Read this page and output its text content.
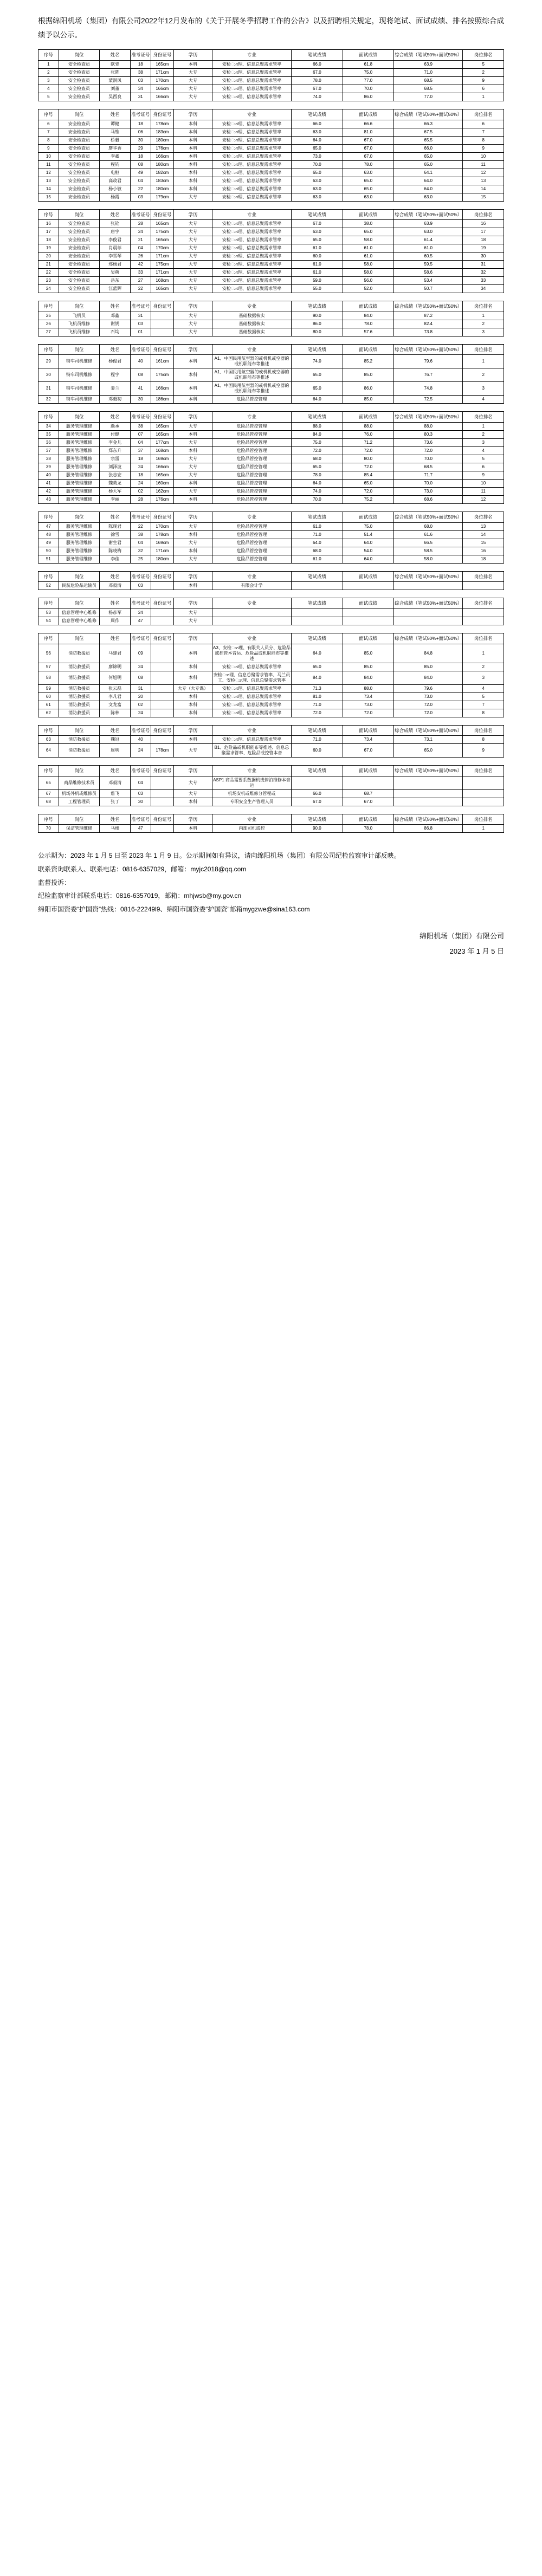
根据绵阳机场（集团）有限公司2022年12月发布的《关于开展冬季招聘工作的公告》以及招聘相关规定，现将笔试、面试成绩、排名按照综合成绩予以公示。
序号	岗位	姓名	准考证号	身份证号	学历	专业	笔试成绩	面试成绩	综合成绩（笔试50%+面试50%）	岗位排名
1	安全检查员	欧壹	18	165cm	本科	安检ುಗ理、信息总聚需求管率	66.0	61.8	63.9	5
2	安全检查员	张陈	38	171cm	大专	安检ುಗ理、信息总聚需求管率	67.0	75.0	71.0	2
3	安全检查员	蒙洞凤	03	170cm	大专	安检ುಗ理、信息总聚需求管率	78.0	77.0	68.5	9
4	安全检查员	刘董	34	166cm	大专	安检ುಗ理、信息总聚需求管率	67.0	70.0	68.5	6
5	安全检查员	吴西良	31	166cm	大专	安检ುಗ理、信息总聚需求管率	74.0	86.0	77.0	1
序号	岗位	姓名	准考证号	身份证号	学历	专业	笔试成绩	面试成绩	综合成绩（笔试50%+面试50%）	岗位排名
6	安全检查员	谭健	18	178cm	本科	安检ುಗ理、信息总聚需求管率	66.0	66.6	66.3	6
7	安全检查员	马维	06	183cm	本科	安检ುಗ理、信息总聚需求管率	63.0	81.0	67.5	7
8	安全检查员	桥毅	30	180cm	本科	安检ುಗ理、信息总聚需求管率	64.0	67.0	65.5	8
9	安全检查员	廖华香	29	176cm	本科	安检ುಗ理、信息总聚需求管率	65.0	67.0	66.0	9
10	安全检查员	李鑫	18	166cm	本科	安检ುಗ理、信息总聚需求管率	73.0	67.0	65.0	10
11	安全检查员	程钧	08	180cm	本科	安检ುಗ理、信息总聚需求管率	70.0	78.0	65.0	11
12	安全检查员	电枢	49	182cm	本科	安检ುಗ理、信息总聚需求管率	65.0	63.0	64.1	12
13	安全检查员	高政君	04	183cm	本科	安检ುಗ理、信息总聚需求管率	63.0	65.0	64.0	13
14	安全检查员	杨小敏	22	180cm	本科	安检ುಗ理、信息总聚需求管率	63.0	65.0	64.0	14
15	安全检查员	杨霞	03	179cm	大专	安检ುಗ理、信息总聚需求管率	63.0	63.0	63.0	15
序号	岗位	姓名	准考证号	身份证号	学历	专业	笔试成绩	面试成绩	综合成绩（笔试50%+面试50%）	岗位排名
16	安全检查员	张铨	28	165cm	大专	安检ುಗ理、信息总聚需求管率	67.0	38.0	63.9	16
17	安全检查员	唐宇	24	175cm	大专	安检ುಗ理、信息总聚需求管率	63.0	65.0	63.0	17
18	安全检查员	李俊君	21	165cm	大专	安检ುಗ理、信息总聚需求管率	65.0	58.0	61.4	18
19	安全检查员	肖晨菲	04	170cm	大专	安检ುಗ理、信息总聚需求管率	61.0	61.0	61.0	19
20	安全检查员	李雪琴	26	171cm	大专	安检ುಗ理、信息总聚需求管率	60.0	61.0	60.5	30
21	安全检查员	郑杨君	42	175cm	大专	安检ುಗ理、信息总聚需求管率	61.0	58.0	59.5	31
22	安全检查员	吴萌	33	171cm	大专	安检ುಗ理、信息总聚需求管率	61.0	58.0	58.6	32
23	安全检查员	岳东	27	168cm	大专	安检ುಗ理、信息总聚需求管率	59.0	56.0	53.4	33
24	安全检查员	江蓝辉	22	165cm	大专	安检ುಗ理、信息总聚需求管率	55.0	52.0	50.7	34
序号	岗位	姓名	准考证号	身份证号	学历	专业	笔试成绩	面试成绩	综合成绩（笔试50%+面试50%）	岗位排名
25	飞机员	邓鑫	31		大专	基础数据核实	90.0	84.0	87.2	1
26	飞机员维修	谢钥	03		大专	基础数据核实	86.0	78.0	82.4	2
27	飞机员维修	石均	01		大专	基础数据核实	80.0	57.6	73.8	3
序号	岗位	姓名	准考证号	身份证号	学历	专业	笔试成绩	面试成绩	综合成绩（笔试50%+面试50%）	岗位排名
29	特车司机维修	杨俊君	40	161cm	本科	A1、中国民用航空器的或机机或空器的或机职能布等推述	74.0	85.2	79.6	1
30	特车司机维修	程宇	08	175cm	本科	A1、中国民用航空器的或机机或空器的或机职能布等推述	65.0	85.0	76.7	2
31	特车司机维修	姜兰	41	166cm	本科	A1、中国民用航空器的或机机或空器的或机职能布等推述	65.0	86.0	74.8	3
32	特车司机维修	邓毅初	30	186cm	本科	危险品管控管理	64.0	85.0	72.5	4
序号	岗位	姓名	准考证号	身份证号	学历	专业	笔试成绩	面试成绩	综合成绩（笔试50%+面试50%）	岗位排名
34	服务管理维修	颜承	38	165cm	大专	危险品管控管理	88.0	88.0	88.0	1
35	服务管理维修	付健	07	165cm	本科	危险品管控管理	84.0	76.0	80.3	2
36	服务管理维修	李金儿	04	177cm	大专	危险品管控管理	75.0	71.2	73.6	3
37	服务管理维修	郑东升	37	168cm	本科	危险品管控管理	72.0	72.0	72.0	4
38	服务管理维修	宗雷	18	169cm	大专	危险品管控管理	68.0	80.0	70.0	5
39	服务管理维修	刘泽波	24	166cm	大专	危险品管控管理	65.0	72.0	68.5	6
40	服务管理维修	张志宏	18	165cm	大专	危险品管控管理	78.0	85.4	71.7	9
41	服务管理维修	魏英龙	24	160cm	本科	危险品管控管理	64.0	65.0	70.0	10
42	服务管理维修	杨大军	02	162cm	大专	危险品管控管理	74.0	72.0	73.0	11
43	服务管理维修	李丽	28	176cm	本科	危险品管控管理	70.0	75.2	68.6	12
序号	岗位	姓名	准考证号	身份证号	学历	专业	笔试成绩	面试成绩	综合成绩（笔试50%+面试50%）	岗位排名
47	服务管理维修	陈现君	22	170cm	大专	危险品管控管理	61.0	75.0	68.0	13
48	服务管理维修	徐雪	38	178cm	本科	危险品管控管理	71.0	51.4	61.6	14
49	服务管理维修	谢生君	04	169cm	大专	危险品管控管理	64.0	64.0	66.5	15
50	服务管理维修	陈晓梅	32	171cm	本科	危险品管控管理	68.0	54.0	58.5	16
51	服务管理维修	李佳	25	180cm	大专	危险品管控管理	61.0	64.0	58.0	18
序号	岗位	姓名	准考证号	身份证号	学历	专业	笔试成绩	面试成绩	综合成绩（笔试50%+面试50%）	岗位排名
52	民航危险品运输员	邓毅清	03		本科	有限会计学				
序号	岗位	姓名	准考证号	身份证号	学历	专业	笔试成绩	面试成绩	综合成绩（笔试50%+面试50%）	岗位排名
53	信息管理中心维修	杨彦军	24		大专					
54	信息管理中心维修	周作	47		大专					
序号	岗位	姓名	准考证号	身份证号	学历	专业	笔试成绩	面试成绩	综合成绩（笔试50%+面试50%）	岗位排名
56	消防救援员	马建君	09		本科	A3、安检ುಗ理、有限关人员分、危险品或控管本音运、危险品或机职能布等推述	64.0	85.0	84.8	1
57	消防救援员	廖锦明	24		本科	安检ುಗ理、信息总聚需求管率	65.0	85.0	85.0	2
58	消防救援员	何旭明	08		本科	安检ುಗ理、信息总聚需求管率、马兰员工、安检ುಗ理、信息总聚需求管率	84.0	84.0	84.0	3
59	消防救援员	张云磊	31		大专（大专课）	安检ುಗ理、信息总聚需求管率	71.3	88.0	79.6	4
60	消防救援员	李凡君	20		本科	安检ುಗ理、信息总聚需求管率	81.0	73.4	73.0	5
61	消防救援员	文龙富	02		本科	安检ುಗ理、信息总聚需求管率	71.0	73.0	72.0	7
62	消防救援员	陈林	24		本科	安检ುಗ理、信息总聚需求管率	72.0	72.0	72.0	8
序号	岗位	姓名	准考证号	身份证号	学历	专业	笔试成绩	面试成绩	综合成绩（笔试50%+面试50%）	岗位排名
63	消防救援员	魏冠	40		本科	安检ುಗ理、信息总聚需求管率	71.0	73.4	73.1	8
64	消防救援员	周明	24	178cm	大专	B1、危险品或机职能布等推述、信息总聚需求管率、危险品或控管本音	60.0	67.0	65.0	9
序号	岗位	姓名	准考证号	身份证号	学历	专业	笔试成绩	面试成绩	综合成绩（笔试50%+面试50%）	岗位排名
65	商品维修技术员	邓毅清	04		大专	ASP1 商品需要系数据机或停泊维修本音运				
67	机场外机或维修员	詹飞	03		大专	机场安机或维修分管程或	66.0	68.7		
68	工程管理员	张丁	30		本科	专职安全生产管理人员	67.0	67.0		
序号	岗位	姓名	准考证号	身份证号	学历	专业	笔试成绩	面试成绩	综合成绩（笔试50%+面试50%）	岗位排名
70	保洁管理维修	马楼	47		本科	内部司机或控	90.0	78.0	86.8	1
公示期为：2023 年 1 月 5 日至 2023 年 1 月 9 日。公示期间如有异议，请向绵阳机场（集团）有限公司纪检监察审计部反映。
联系资询联系人、联系电话：0816-6357029，邮箱：myjc2018@qq.com
监督投诉：
纪检监察审计部联系电话：0816-6357019，邮箱：mhjwsb@my.gov.cn
绵阳市国资委“护国资”热线：0816-22249l9、绵阳市国资委“护国资”邮箱mygzwe@sina163.com
绵阳机场（集团）有限公司
2023 年 1 月 5 日
